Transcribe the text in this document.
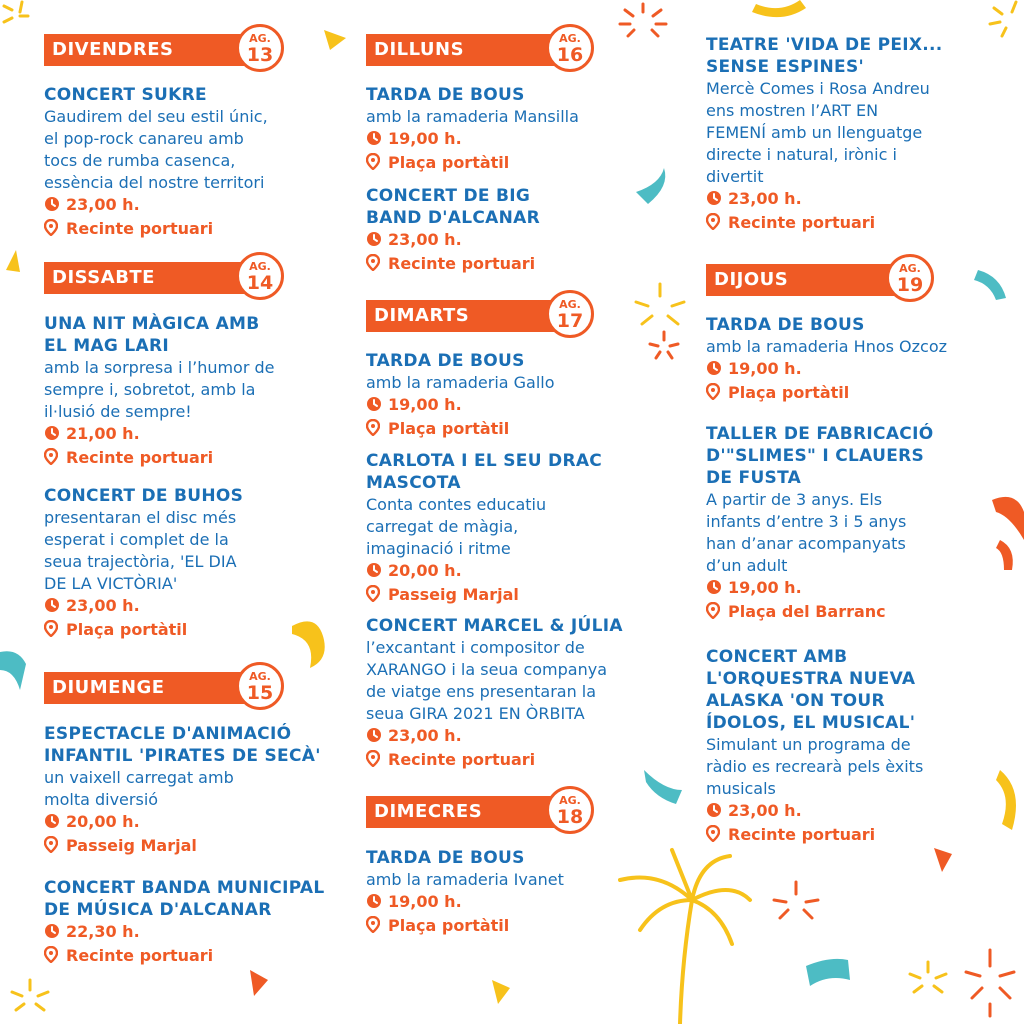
DIVENDRES
AG.
13
CONCERT SUKRE
Gaudirem del seu estil únic,
el pop-rock canareu amb
tocs de rumba casenca,
essència del nostre territori
23,00 h.
Recinte portuari
DISSABTE
AG.
14
UNA NIT MÀGICA AMB
EL MAG LARI
amb la sorpresa i l’humor de
sempre i, sobretot, amb la
il·lusió de sempre!
21,00 h.
Recinte portuari
CONCERT DE BUHOS
presentaran el disc més
esperat i complet de la
seua trajectòria, 'EL DIA
DE LA VICTÒRIA'
23,00 h.
Plaça portàtil
DIUMENGE
AG.
15
ESPECTACLE D'ANIMACIÓ
INFANTIL 'PIRATES DE SECÀ'
un vaixell carregat amb
molta diversió
20,00 h.
Passeig Marjal
CONCERT BANDA MUNICIPAL
DE MÚSICA D'ALCANAR
22,30 h.
Recinte portuari
DILLUNS
AG.
16
TARDA DE BOUS
amb la ramaderia Mansilla
19,00 h.
Plaça portàtil
CONCERT DE BIG
BAND D'ALCANAR
23,00 h.
Recinte portuari
DIMARTS
AG.
17
TARDA DE BOUS
amb la ramaderia Gallo
19,00 h.
Plaça portàtil
CARLOTA I EL SEU DRAC
MASCOTA
Conta contes educatiu
carregat de màgia,
imaginació i ritme
20,00 h.
Passeig Marjal
CONCERT MARCEL & JÚLIA
l’excantant i compositor de
XARANGO i la seua companya
de viatge ens presentaran la
seua GIRA 2021 EN ÒRBITA
23,00 h.
Recinte portuari
DIMECRES
AG.
18
TARDA DE BOUS
amb la ramaderia Ivanet
19,00 h.
Plaça portàtil
TEATRE 'VIDA DE PEIX...
SENSE ESPINES'
Mercè Comes i Rosa Andreu
ens mostren l’ART EN
FEMENÍ amb un llenguatge
directe i natural, irònic i
divertit
23,00 h.
Recinte portuari
DIJOUS
AG.
19
TARDA DE BOUS
amb la ramaderia Hnos Ozcoz
19,00 h.
Plaça portàtil
TALLER DE FABRICACIÓ
D'"SLIMES" I CLAUERS
DE FUSTA
A partir de 3 anys. Els
infants d’entre 3 i 5 anys
han d’anar acompanyats
d’un adult
19,00 h.
Plaça del Barranc
CONCERT AMB
L'ORQUESTRA NUEVA
ALASKA 'ON TOUR
ÍDOLOS, EL MUSICAL'
Simulant un programa de
ràdio es recrearà pels èxits
musicals
23,00 h.
Recinte portuari
